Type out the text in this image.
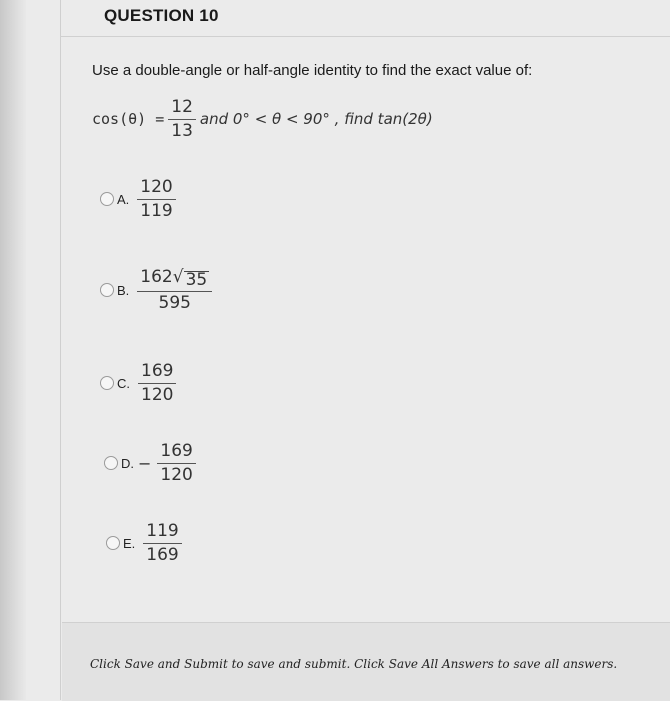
QUESTION 10
Use a double-angle or half-angle identity to find the exact value of:
$\cos(\theta) = \frac{12}{13}$ and 0° < θ < 90° , find tan(2θ)
A. $\frac{120}{119}$
B. $\frac{162 √ 35}{595}$
C. $\frac{169}{120}$
D. − $\frac{169}{120}$
E. $\frac{119}{169}$
Click Save and Submit to save and submit. Click Save All Answers to save all answers.
